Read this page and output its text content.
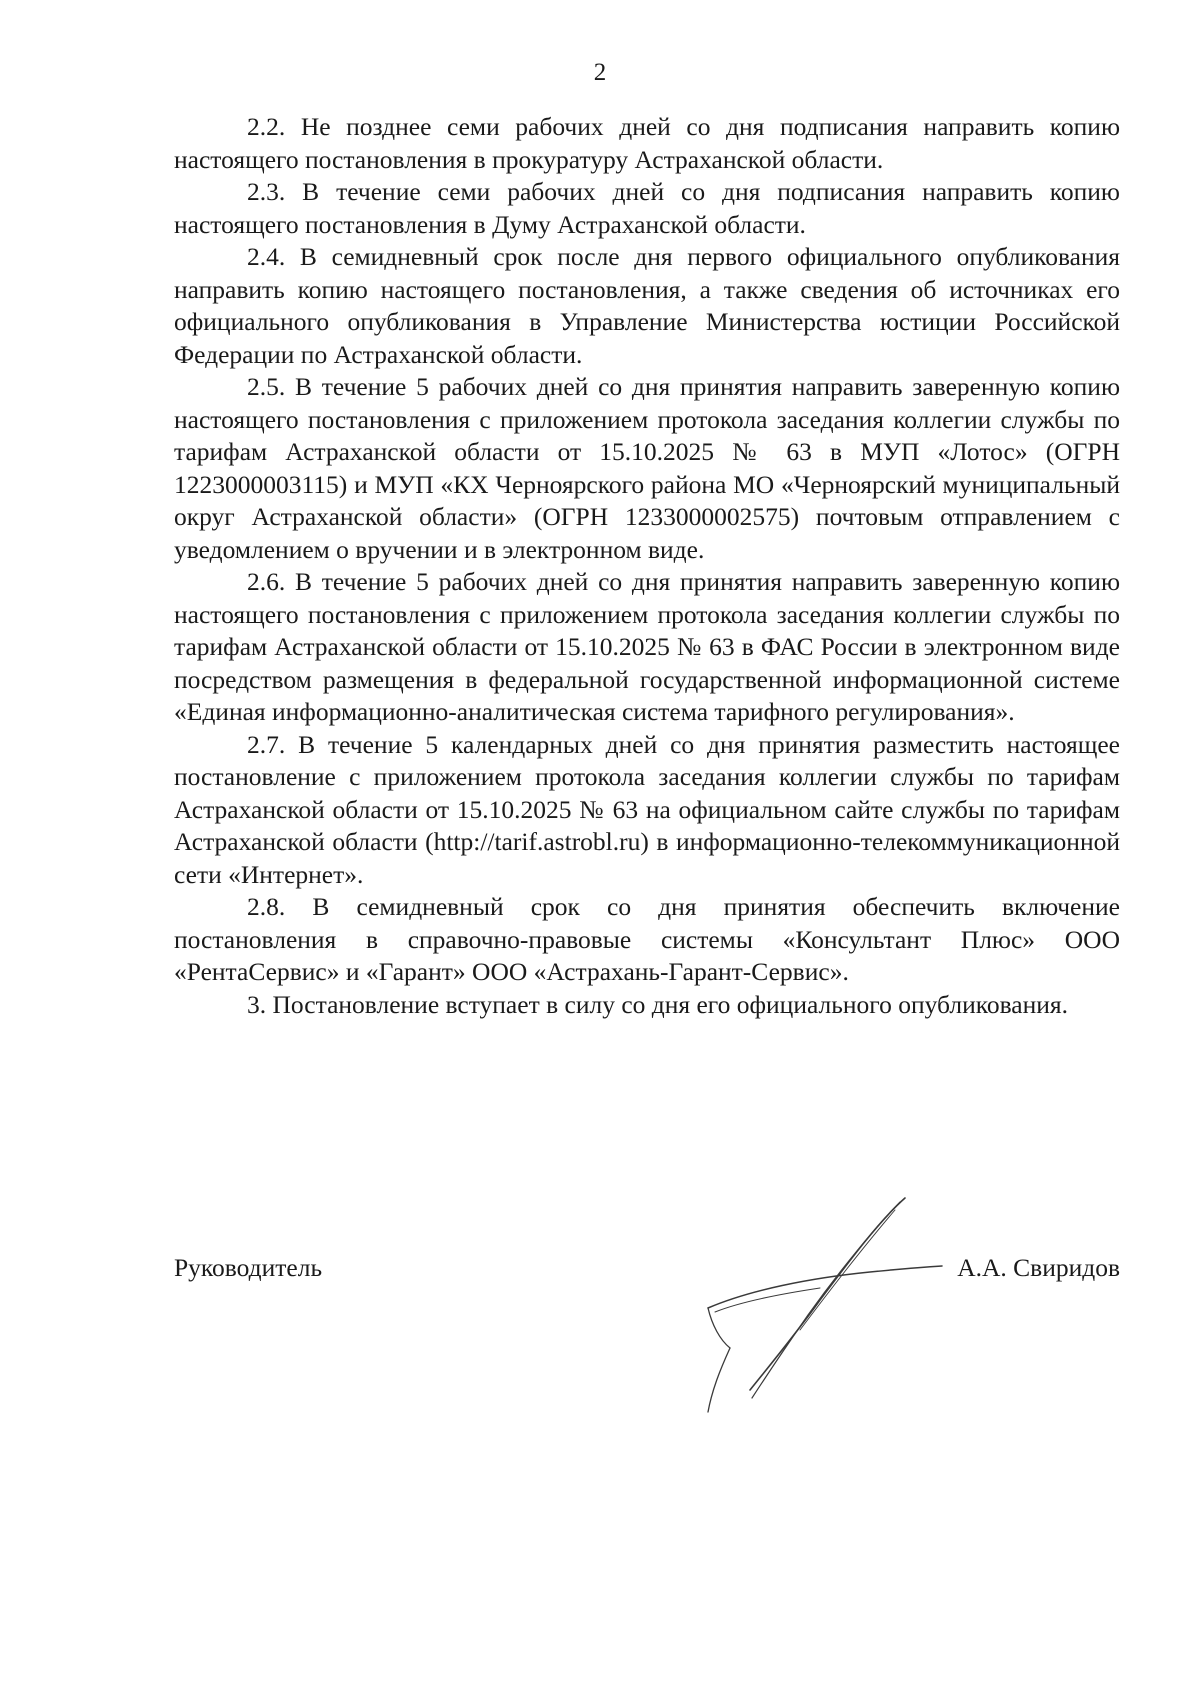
2

2.2. Не позднее семи рабочих дней со дня подписания направить копию настоящего постановления в прокуратуру Астраханской области.

2.3. В течение семи рабочих дней со дня подписания направить копию настоящего постановления в Думу Астраханской области.

2.4. В семидневный срок после дня первого официального опубликования направить копию настоящего постановления, а также сведения об источниках его официального опубликования в Управление Министерства юстиции Российской Федерации по Астраханской области.

2.5. В течение 5 рабочих дней со дня принятия направить заверенную копию настоящего постановления с приложением протокола заседания коллегии службы по тарифам Астраханской области от 15.10.2025 № 63 в МУП «Лотос» (ОГРН 1223000003115) и МУП «КХ Черноярского района МО «Черноярский муниципальный округ Астраханской области» (ОГРН 1233000002575) почтовым отправлением с уведомлением о вручении и в электронном виде.

2.6. В течение 5 рабочих дней со дня принятия направить заверенную копию настоящего постановления с приложением протокола заседания коллегии службы по тарифам Астраханской области от 15.10.2025 № 63 в ФАС России в электронном виде посредством размещения в федеральной государственной информационной системе «Единая информационно-аналитическая система тарифного регулирования».

2.7. В течение 5 календарных дней со дня принятия разместить настоящее постановление с приложением протокола заседания коллегии службы по тарифам Астраханской области от 15.10.2025 № 63 на официальном сайте службы по тарифам Астраханской области (http://tarif.astrobl.ru) в информационно-телекоммуникационной сети «Интернет».

2.8. В семидневный срок со дня принятия обеспечить включение постановления в справочно-правовые системы «Консультант Плюс» ООО «РентаСервис» и «Гарант» ООО «Астрахань-Гарант-Сервис».

3. Постановление вступает в силу со дня его официального опубликования.

Руководитель	А.А. Свиридов
